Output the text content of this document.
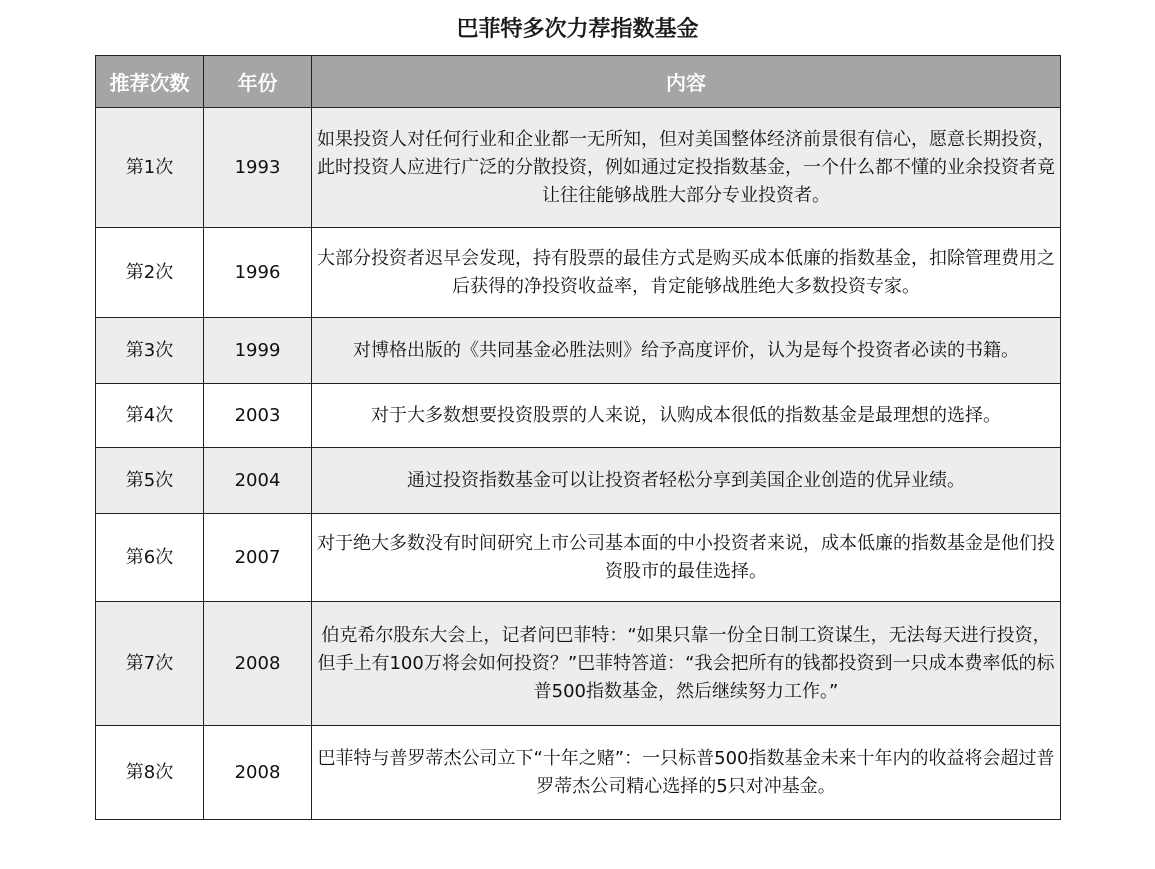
巴菲特多次力荐指数基金
推荐次数	年份	内容
第1次	1993	如果投资人对任何行业和企业都一无所知，但对美国整体经济前景很有信心，愿意长期投资，此时投资人应进行广泛的分散投资，例如通过定投指数基金，一个什么都不懂的业余投资者竟让往往能够战胜大部分专业投资者。
第2次	1996	大部分投资者迟早会发现，持有股票的最佳方式是购买成本低廉的指数基金，扣除管理费用之后获得的净投资收益率，肯定能够战胜绝大多数投资专家。
第3次	1999	对博格出版的《共同基金必胜法则》给予高度评价，认为是每个投资者必读的书籍。
第4次	2003	对于大多数想要投资股票的人来说，认购成本很低的指数基金是最理想的选择。
第5次	2004	通过投资指数基金可以让投资者轻松分享到美国企业创造的优异业绩。
第6次	2007	对于绝大多数没有时间研究上市公司基本面的中小投资者来说，成本低廉的指数基金是他们投资股市的最佳选择。
第7次	2008	伯克希尔股东大会上，记者问巴菲特：“如果只靠一份全日制工资谋生，无法每天进行投资，但手上有100万将会如何投资？”巴菲特答道：“我会把所有的钱都投资到一只成本费率低的标普500指数基金，然后继续努力工作。”
第8次	2008	巴菲特与普罗蒂杰公司立下“十年之赌”：一只标普500指数基金未来十年内的收益将会超过普罗蒂杰公司精心选择的5只对冲基金。
